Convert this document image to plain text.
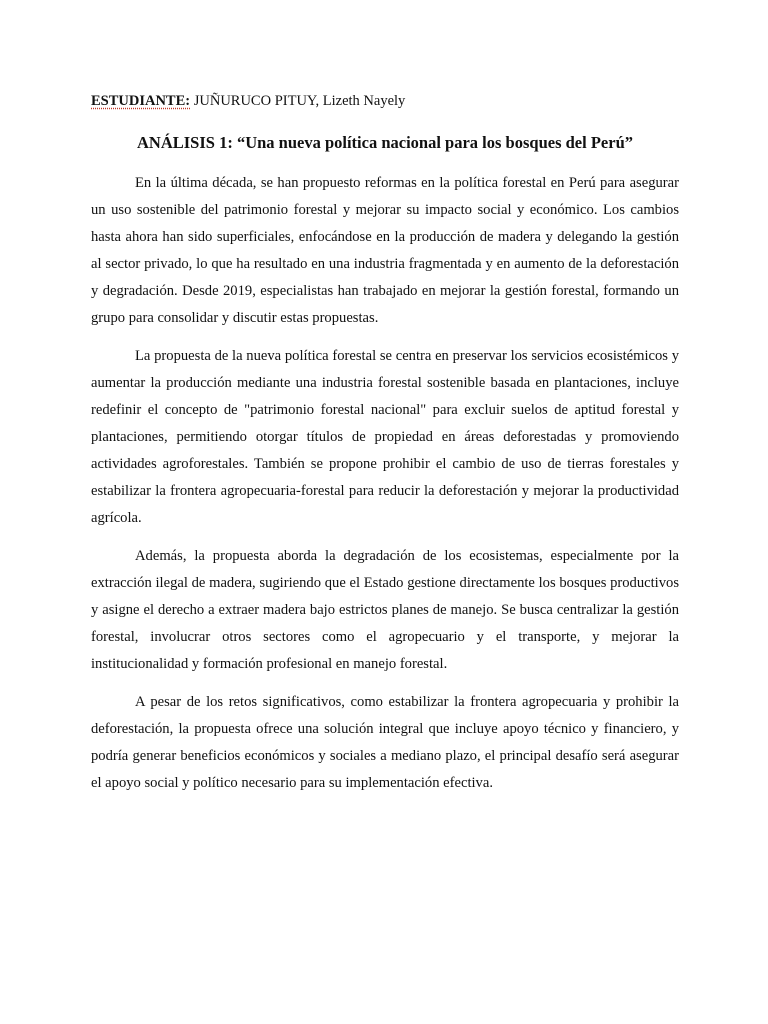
ESTUDIANTE: JUÑURUCO PITUY, Lizeth Nayely
ANÁLISIS 1: “Una nueva política nacional para los bosques del Perú”

En la última década, se han propuesto reformas en la política forestal en Perú para asegurar un uso sostenible del patrimonio forestal y mejorar su impacto social y económico. Los cambios hasta ahora han sido superficiales, enfocándose en la producción de madera y delegando la gestión al sector privado, lo que ha resultado en una industria fragmentada y en aumento de la deforestación y degradación. Desde 2019, especialistas han trabajado en mejorar la gestión forestal, formando un grupo para consolidar y discutir estas propuestas.

La propuesta de la nueva política forestal se centra en preservar los servicios ecosistémicos y aumentar la producción mediante una industria forestal sostenible basada en plantaciones, incluye redefinir el concepto de "patrimonio forestal nacional" para excluir suelos de aptitud forestal y plantaciones, permitiendo otorgar títulos de propiedad en áreas deforestadas y promoviendo actividades agroforestales. También se propone prohibir el cambio de uso de tierras forestales y estabilizar la frontera agropecuaria-forestal para reducir la deforestación y mejorar la productividad agrícola.

Además, la propuesta aborda la degradación de los ecosistemas, especialmente por la extracción ilegal de madera, sugiriendo que el Estado gestione directamente los bosques productivos y asigne el derecho a extraer madera bajo estrictos planes de manejo. Se busca centralizar la gestión forestal, involucrar otros sectores como el agropecuario y el transporte, y mejorar la institucionalidad y formación profesional en manejo forestal.

A pesar de los retos significativos, como estabilizar la frontera agropecuaria y prohibir la deforestación, la propuesta ofrece una solución integral que incluye apoyo técnico y financiero, y podría generar beneficios económicos y sociales a mediano plazo, el principal desafío será asegurar el apoyo social y político necesario para su implementación efectiva.
